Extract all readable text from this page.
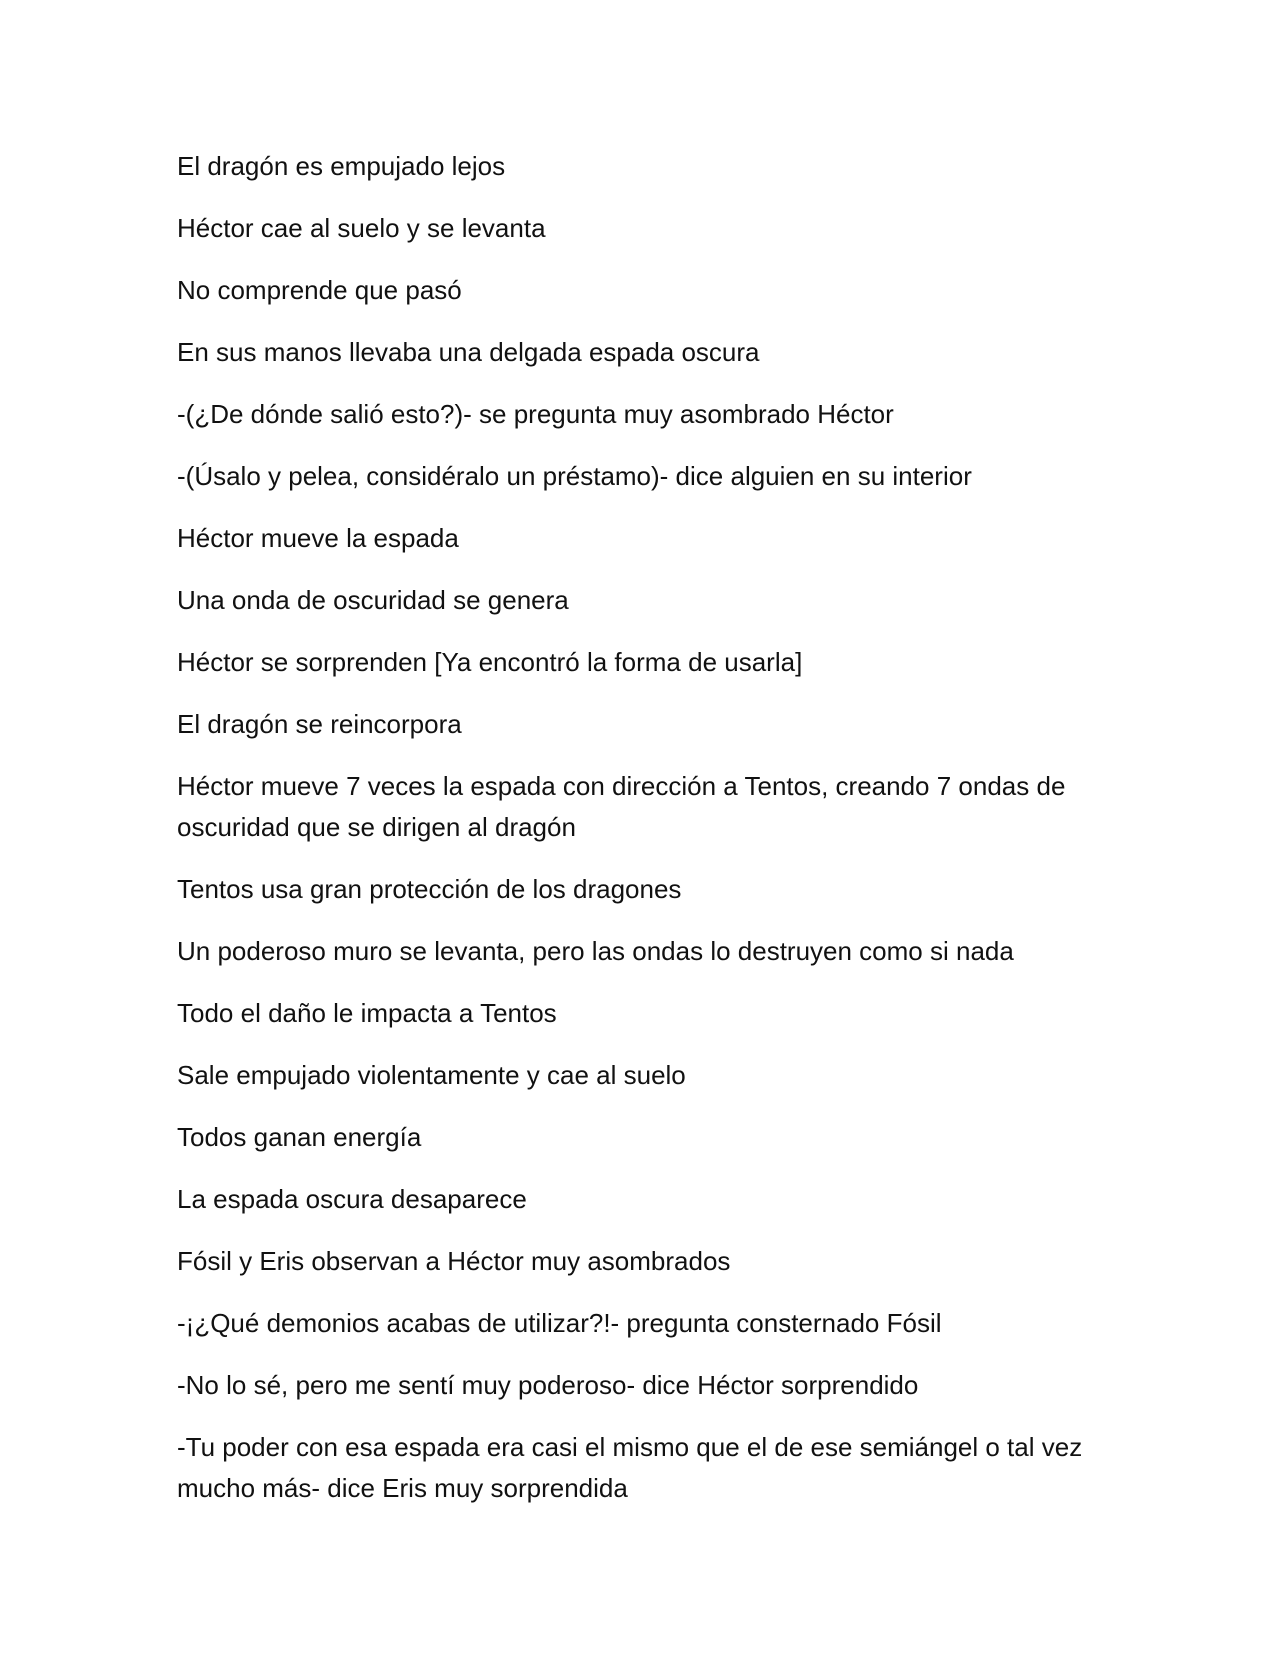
El dragón es empujado lejos

Héctor cae al suelo y se levanta

No comprende que pasó

En sus manos llevaba una delgada espada oscura

-(¿De dónde salió esto?)- se pregunta muy asombrado Héctor

-(Úsalo y pelea, considéralo un préstamo)- dice alguien en su interior

Héctor mueve la espada

Una onda de oscuridad se genera

Héctor se sorprenden [Ya encontró la forma de usarla]

El dragón se reincorpora

Héctor mueve 7 veces la espada con dirección a Tentos, creando 7 ondas de oscuridad que se dirigen al dragón

Tentos usa gran protección de los dragones

Un poderoso muro se levanta, pero las ondas lo destruyen como si nada

Todo el daño le impacta a Tentos

Sale empujado violentamente y cae al suelo

Todos ganan energía

La espada oscura desaparece

Fósil y Eris observan a Héctor muy asombrados

-¡¿Qué demonios acabas de utilizar?!- pregunta consternado Fósil

-No lo sé, pero me sentí muy poderoso- dice Héctor sorprendido

-Tu poder con esa espada era casi el mismo que el de ese semiángel o tal vez mucho más- dice Eris muy sorprendida
